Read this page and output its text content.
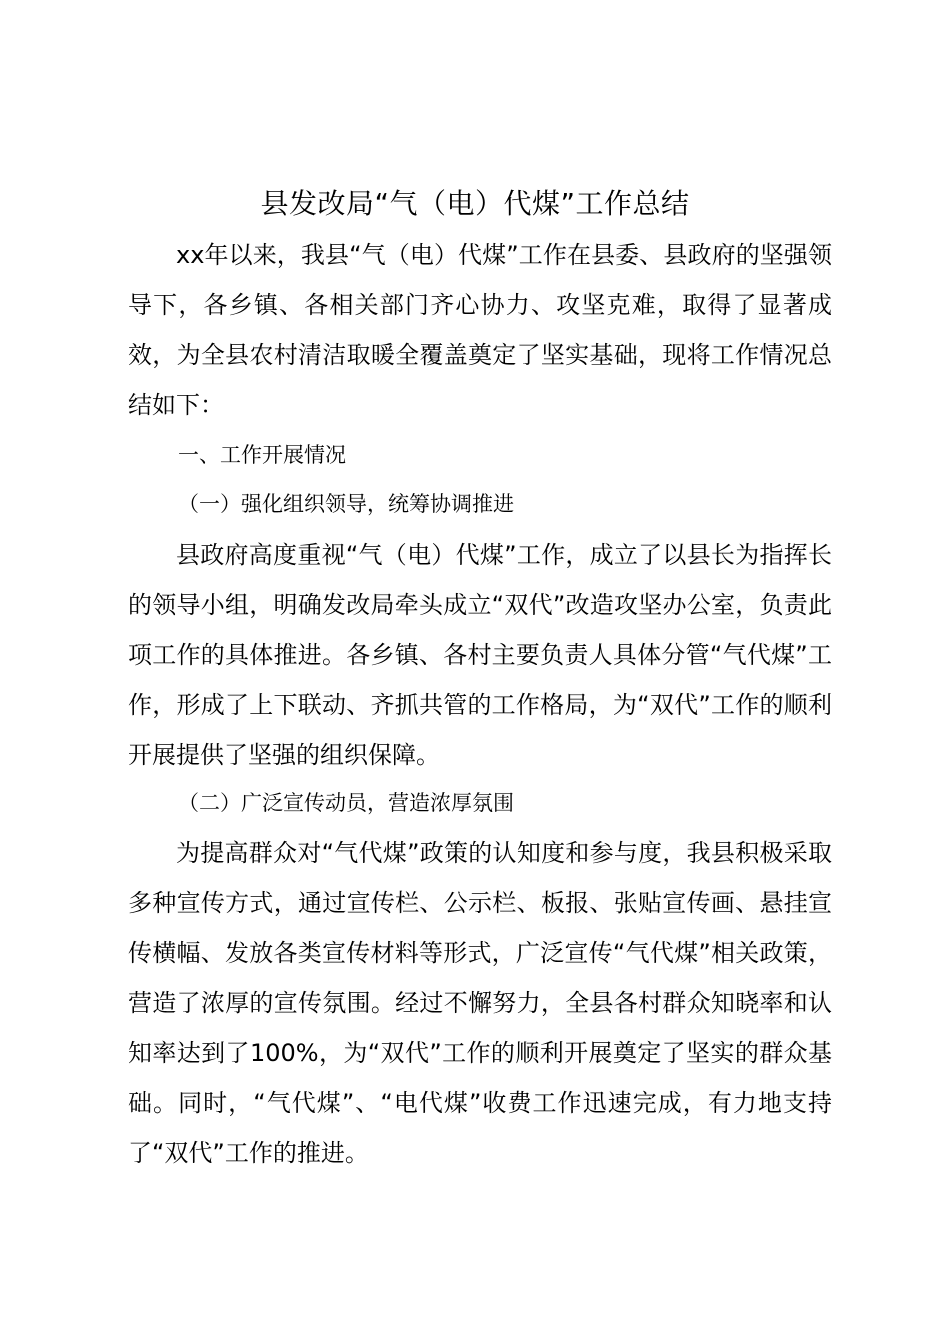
县发改局“气（电）代煤”工作总结

xx年以来，我县“气（电）代煤”工作在县委、县政府的坚强领导下，各乡镇、各相关部门齐心协力、攻坚克难，取得了显著成效，为全县农村清洁取暖全覆盖奠定了坚实基础，现将工作情况总结如下：

一、工作开展情况

（一）强化组织领导，统筹协调推进

县政府高度重视“气（电）代煤”工作，成立了以县长为指挥长的领导小组，明确发改局牵头成立“双代”改造攻坚办公室，负责此项工作的具体推进。各乡镇、各村主要负责人具体分管“气代煤”工作，形成了上下联动、齐抓共管的工作格局，为“双代”工作的顺利开展提供了坚强的组织保障。

（二）广泛宣传动员，营造浓厚氛围

为提高群众对“气代煤”政策的认知度和参与度，我县积极采取多种宣传方式，通过宣传栏、公示栏、板报、张贴宣传画、悬挂宣传横幅、发放各类宣传材料等形式，广泛宣传“气代煤”相关政策，营造了浓厚的宣传氛围。经过不懈努力，全县各村群众知晓率和认知率达到了100%，为“双代”工作的顺利开展奠定了坚实的群众基础。同时，“气代煤”、“电代煤”收费工作迅速完成，有力地支持了“双代”工作的推进。
